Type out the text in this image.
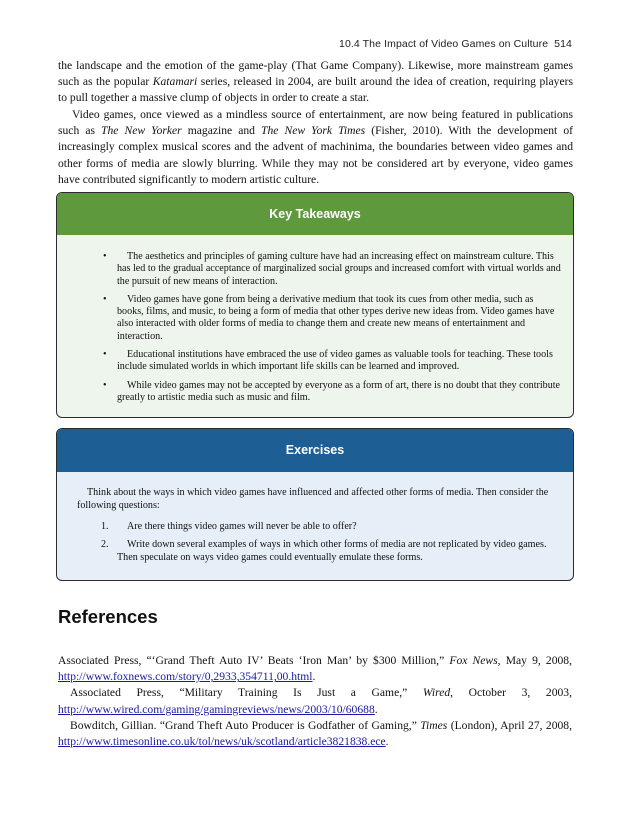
10.4 The Impact of Video Games on Culture 514

the landscape and the emotion of the game-play (That Game Company). Likewise, more mainstream games such as the popular Katamari series, released in 2004, are built around the idea of creation, requiring players to pull together a massive clump of objects in order to create a star.

Video games, once viewed as a mindless source of entertainment, are now being featured in publications such as The New Yorker magazine and The New York Times (Fisher, 2010). With the development of increasingly complex musical scores and the advent of machinima, the boundaries between video games and other forms of media are slowly blurring. While they may not be considered art by everyone, video games have contributed significantly to modern artistic culture.

Key Takeaways
•	The aesthetics and principles of gaming culture have had an increasing effect on mainstream culture. This has led to the gradual acceptance of marginalized social groups and increased comfort with virtual worlds and the pursuit of new means of interaction.
•	Video games have gone from being a derivative medium that took its cues from other media, such as books, films, and music, to being a form of media that other types derive new ideas from. Video games have also interacted with older forms of media to change them and create new means of entertainment and interaction.
•	Educational institutions have embraced the use of video games as valuable tools for teaching. These tools include simulated worlds in which important life skills can be learned and improved.
•	While video games may not be accepted by everyone as a form of art, there is no doubt that they contribute greatly to artistic media such as music and film.
Exercises
Think about the ways in which video games have influenced and affected other forms of media. Then consider the following questions:
1.	Are there things video games will never be able to offer?
2.	Write down several examples of ways in which other forms of media are not replicated by video games. Then speculate on ways video games could eventually emulate these forms.
References

Associated Press, “‘Grand Theft Auto IV’ Beats ‘Iron Man’ by $300 Million,” Fox News, May 9, 2008, http://www.foxnews.com/story/0,2933,354711,00.html.

Associated Press, “Military Training Is Just a Game,” Wired, October 3, 2003, http://www.wired.com/gaming/gamingreviews/news/2003/10/60688.

Bowditch, Gillian. “Grand Theft Auto Producer is Godfather of Gaming,” Times (London), April 27, 2008, http://www.timesonline.co.uk/tol/news/uk/scotland/article3821838.ece.
